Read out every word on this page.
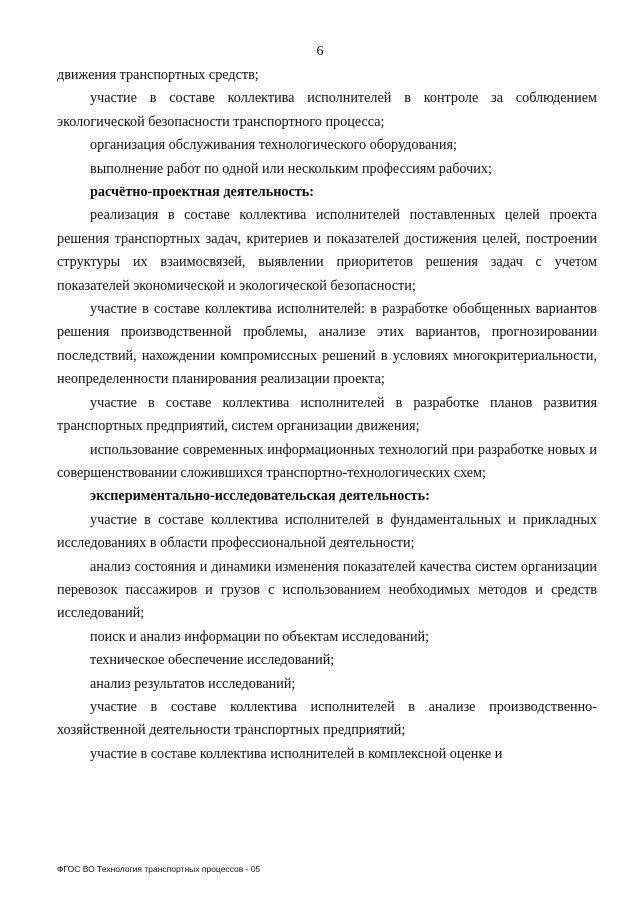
6

движения транспортных средств;

участие в составе коллектива исполнителей в контроле за соблюдением экологической безопасности транспортного процесса;

организация обслуживания технологического оборудования;

выполнение работ по одной или нескольким профессиям рабочих;

расчётно-проектная деятельность:

реализация в составе коллектива исполнителей поставленных целей проекта решения транспортных задач, критериев и показателей достижения целей, построении структуры их взаимосвязей, выявлении приоритетов решения задач с учетом показателей экономической и экологической безопасности;

участие в составе коллектива исполнителей: в разработке обобщенных вариантов решения производственной проблемы, анализе этих вариантов, прогнозировании последствий, нахождении компромиссных решений в условиях многокритериальности, неопределенности планирования реализации проекта;

участие в составе коллектива исполнителей в разработке планов развития транспортных предприятий, систем организации движения;

использование современных информационных технологий при разработке новых и совершенствовании сложившихся транспортно-технологических схем;

экспериментально-исследовательская деятельность:

участие в составе коллектива исполнителей в фундаментальных и прикладных исследованиях в области профессиональной деятельности;

анализ состояния и динамики изменения показателей качества систем организации перевозок пассажиров и грузов с использованием необходимых методов и средств исследований;

поиск и анализ информации по объектам исследований;

техническое обеспечение исследований;

анализ результатов исследований;

участие в составе коллектива исполнителей в анализе производственно-хозяйственной деятельности транспортных предприятий;

участие в составе коллектива исполнителей в комплексной оценке и

ФГОС ВО Технология транспортных процессов - 05
